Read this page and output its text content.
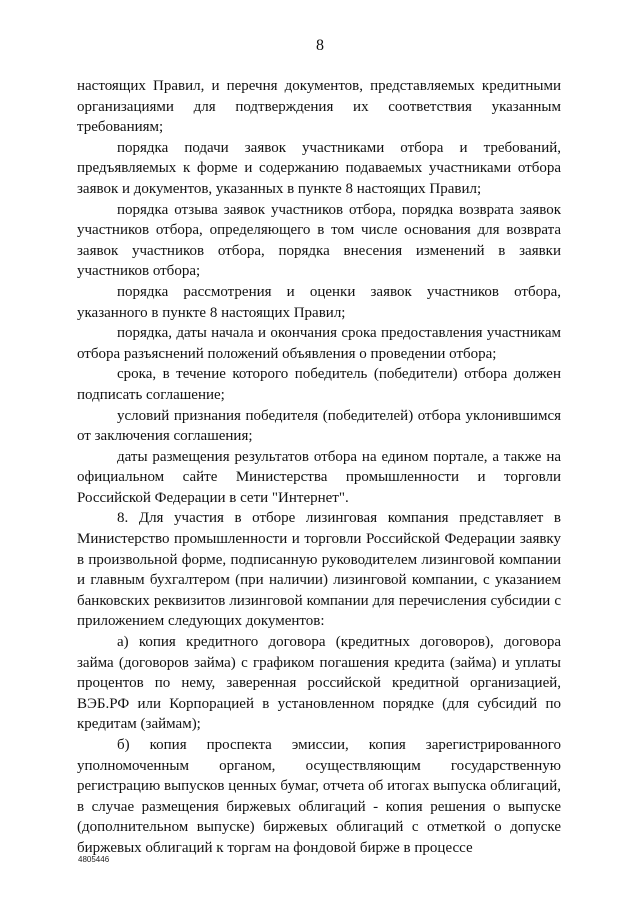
8

настоящих Правил, и перечня документов, представляемых кредитными организациями для подтверждения их соответствия указанным требованиям;

порядка подачи заявок участниками отбора и требований, предъявляемых к форме и содержанию подаваемых участниками отбора заявок и документов, указанных в пункте 8 настоящих Правил;

порядка отзыва заявок участников отбора, порядка возврата заявок участников отбора, определяющего в том числе основания для возврата заявок участников отбора, порядка внесения изменений в заявки участников отбора;

порядка рассмотрения и оценки заявок участников отбора, указанного в пункте 8 настоящих Правил;

порядка, даты начала и окончания срока предоставления участникам отбора разъяснений положений объявления о проведении отбора;

срока, в течение которого победитель (победители) отбора должен подписать соглашение;

условий признания победителя (победителей) отбора уклонившимся от заключения соглашения;

даты размещения результатов отбора на едином портале, а также на официальном сайте Министерства промышленности и торговли Российской Федерации в сети "Интернет".

8. Для участия в отборе лизинговая компания представляет в Министерство промышленности и торговли Российской Федерации заявку в произвольной форме, подписанную руководителем лизинговой компании и главным бухгалтером (при наличии) лизинговой компании, с указанием банковских реквизитов лизинговой компании для перечисления субсидии с приложением следующих документов:

а) копия кредитного договора (кредитных договоров), договора займа (договоров займа) с графиком погашения кредита (займа) и уплаты процентов по нему, заверенная российской кредитной организацией, ВЭБ.РФ или Корпорацией в установленном порядке (для субсидий по кредитам (займам);

б) копия проспекта эмиссии, копия зарегистрированного уполномоченным органом, осуществляющим государственную регистрацию выпусков ценных бумаг, отчета об итогах выпуска облигаций, в случае размещения биржевых облигаций - копия решения о выпуске (дополнительном выпуске) биржевых облигаций с отметкой о допуске биржевых облигаций к торгам на фондовой бирже в процессе

4805446
